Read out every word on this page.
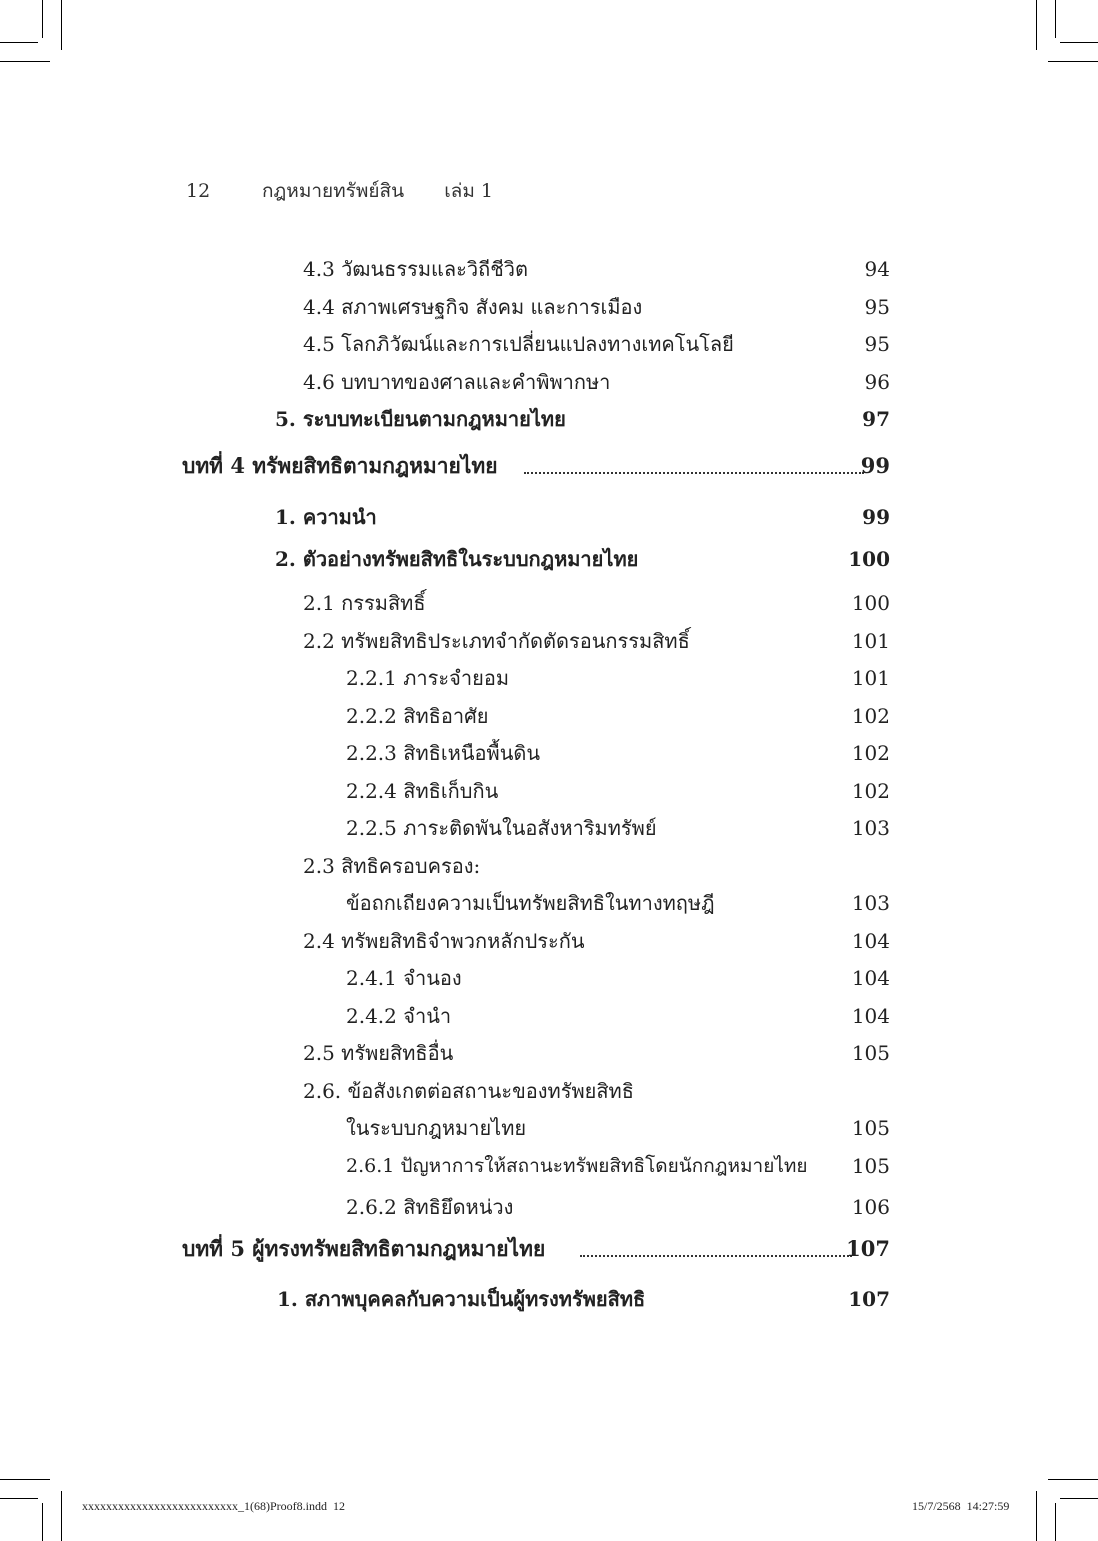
12	กฎหมายทรัพย์สิน เล่ม 1
4.3 วัฒนธรรมและวิถีชีวิต	94
4.4 สภาพเศรษฐกิจ สังคม และการเมือง	95
4.5 โลกภิวัฒน์และการเปลี่ยนแปลงทางเทคโนโลยี	95
4.6 บทบาทของศาลและคำพิพากษา	96
5. ระบบทะเบียนตามกฎหมายไทย	97
บทที่ 4 ทรัพยสิทธิตามกฎหมายไทย	99
1. ความนำ	99
2. ตัวอย่างทรัพยสิทธิในระบบกฎหมายไทย	100
2.1 กรรมสิทธิ์	100
2.2 ทรัพยสิทธิประเภทจำกัดตัดรอนกรรมสิทธิ์	101
2.2.1 ภาระจำยอม	101
2.2.2 สิทธิอาศัย	102
2.2.3 สิทธิเหนือพื้นดิน	102
2.2.4 สิทธิเก็บกิน	102
2.2.5 ภาระติดพันในอสังหาริมทรัพย์	103
2.3 สิทธิครอบครอง:
ข้อถกเถียงความเป็นทรัพยสิทธิในทางทฤษฎี	103
2.4 ทรัพยสิทธิจำพวกหลักประกัน	104
2.4.1 จำนอง	104
2.4.2 จำนำ	104
2.5 ทรัพยสิทธิอื่น	105
2.6. ข้อสังเกตต่อสถานะของทรัพยสิทธิ
ในระบบกฎหมายไทย	105
2.6.1 ปัญหาการให้สถานะทรัพยสิทธิโดยนักกฎหมายไทย 105
2.6.2 สิทธิยึดหน่วง	106
บทที่ 5 ผู้ทรงทรัพยสิทธิตามกฎหมายไทย	107
1. สภาพบุคคลกับความเป็นผู้ทรงทรัพยสิทธิ	107
xxxxxxxxxxxxxxxxxxxxxxxxxx_1(68)Proof8.indd 12	15/7/2568 14:27:59
